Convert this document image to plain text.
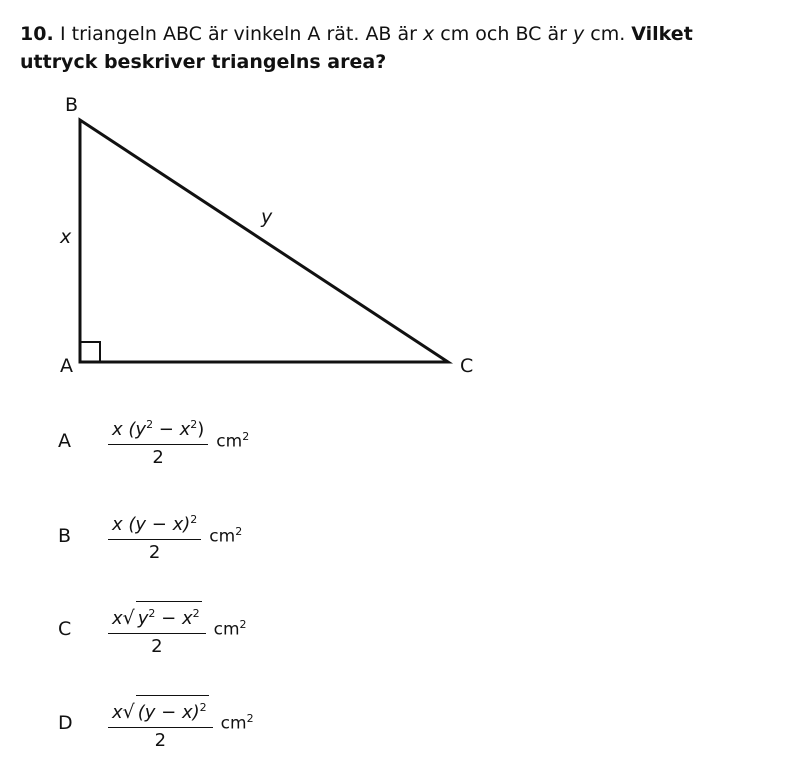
10. I triangeln ABC är vinkeln A rät. AB är x cm och BC är y cm. Vilket uttryck beskriver triangelns area?
B
A	C
x
y
A	$\frac{x (y^2 - x^2)}{2} cm^2$
B	$\frac{x (y - x)^2}{2} cm^2$
C	$\frac{x√ y^2 - x^2}{2} cm^2$
D	$\frac{x√ (y - x)^2}{2} cm^2$
